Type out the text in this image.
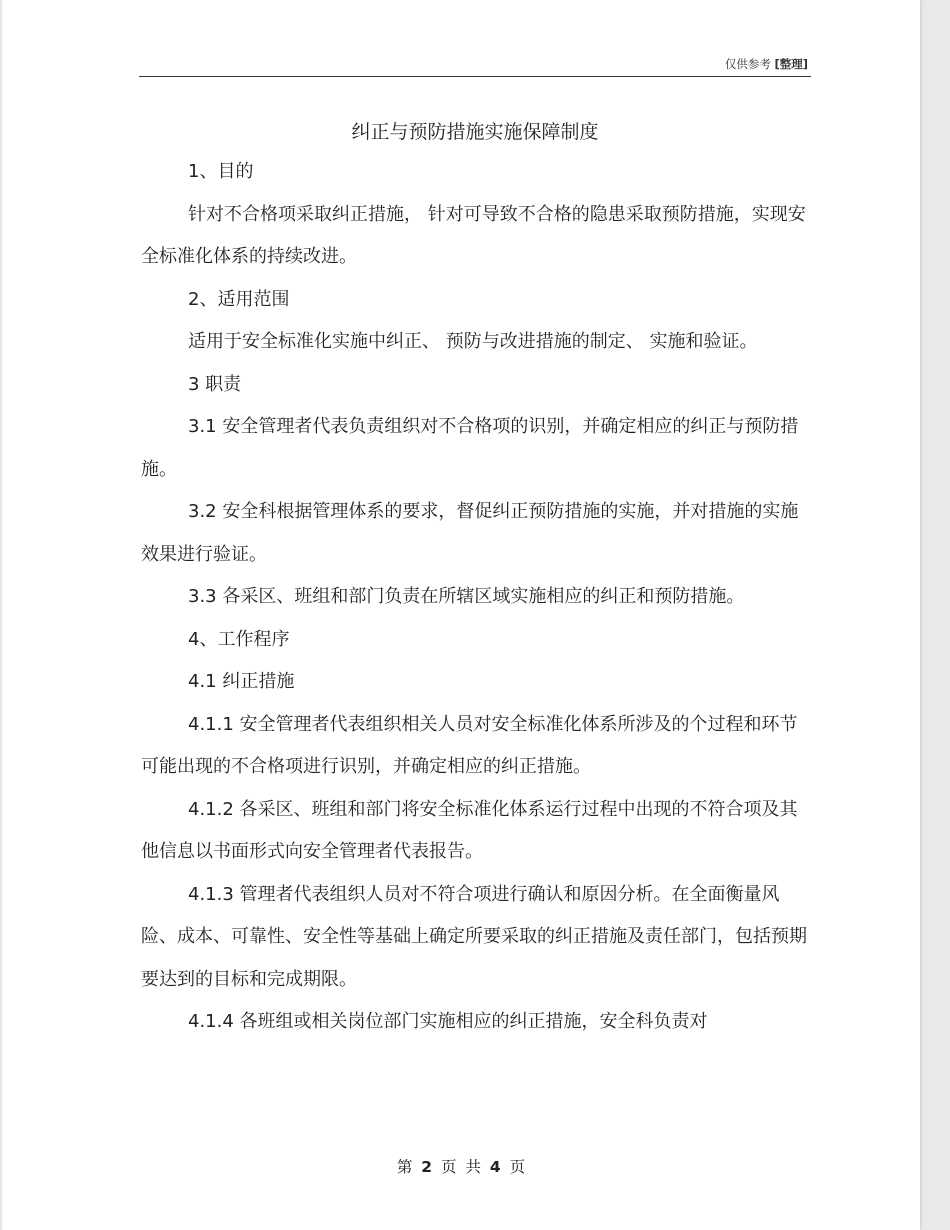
仅供参考 [整理]
纠正与预防措施实施保障制度

1、目的

针对不合格项采取纠正措施， 针对可导致不合格的隐患采取预防措施，实现安全标准化体系的持续改进。

2、适用范围

适用于安全标准化实施中纠正、 预防与改进措施的制定、 实施和验证。

3 职责

3.1 安全管理者代表负责组织对不合格项的识别，并确定相应的纠正与预防措施。

3.2 安全科根据管理体系的要求，督促纠正预防措施的实施，并对措施的实施效果进行验证。

3.3 各采区、班组和部门负责在所辖区域实施相应的纠正和预防措施。

4、工作程序

4.1 纠正措施

4.1.1 安全管理者代表组织相关人员对安全标准化体系所涉及的个过程和环节可能出现的不合格项进行识别，并确定相应的纠正措施。

4.1.2 各采区、班组和部门将安全标准化体系运行过程中出现的不符合项及其他信息以书面形式向安全管理者代表报告。

4.1.3 管理者代表组织人员对不符合项进行确认和原因分析。在全面衡量风险、成本、可靠性、安全性等基础上确定所要采取的纠正措施及责任部门，包括预期要达到的目标和完成期限。

4.1.4 各班组或相关岗位部门实施相应的纠正措施，安全科负责对

第 2 页 共 4 页
